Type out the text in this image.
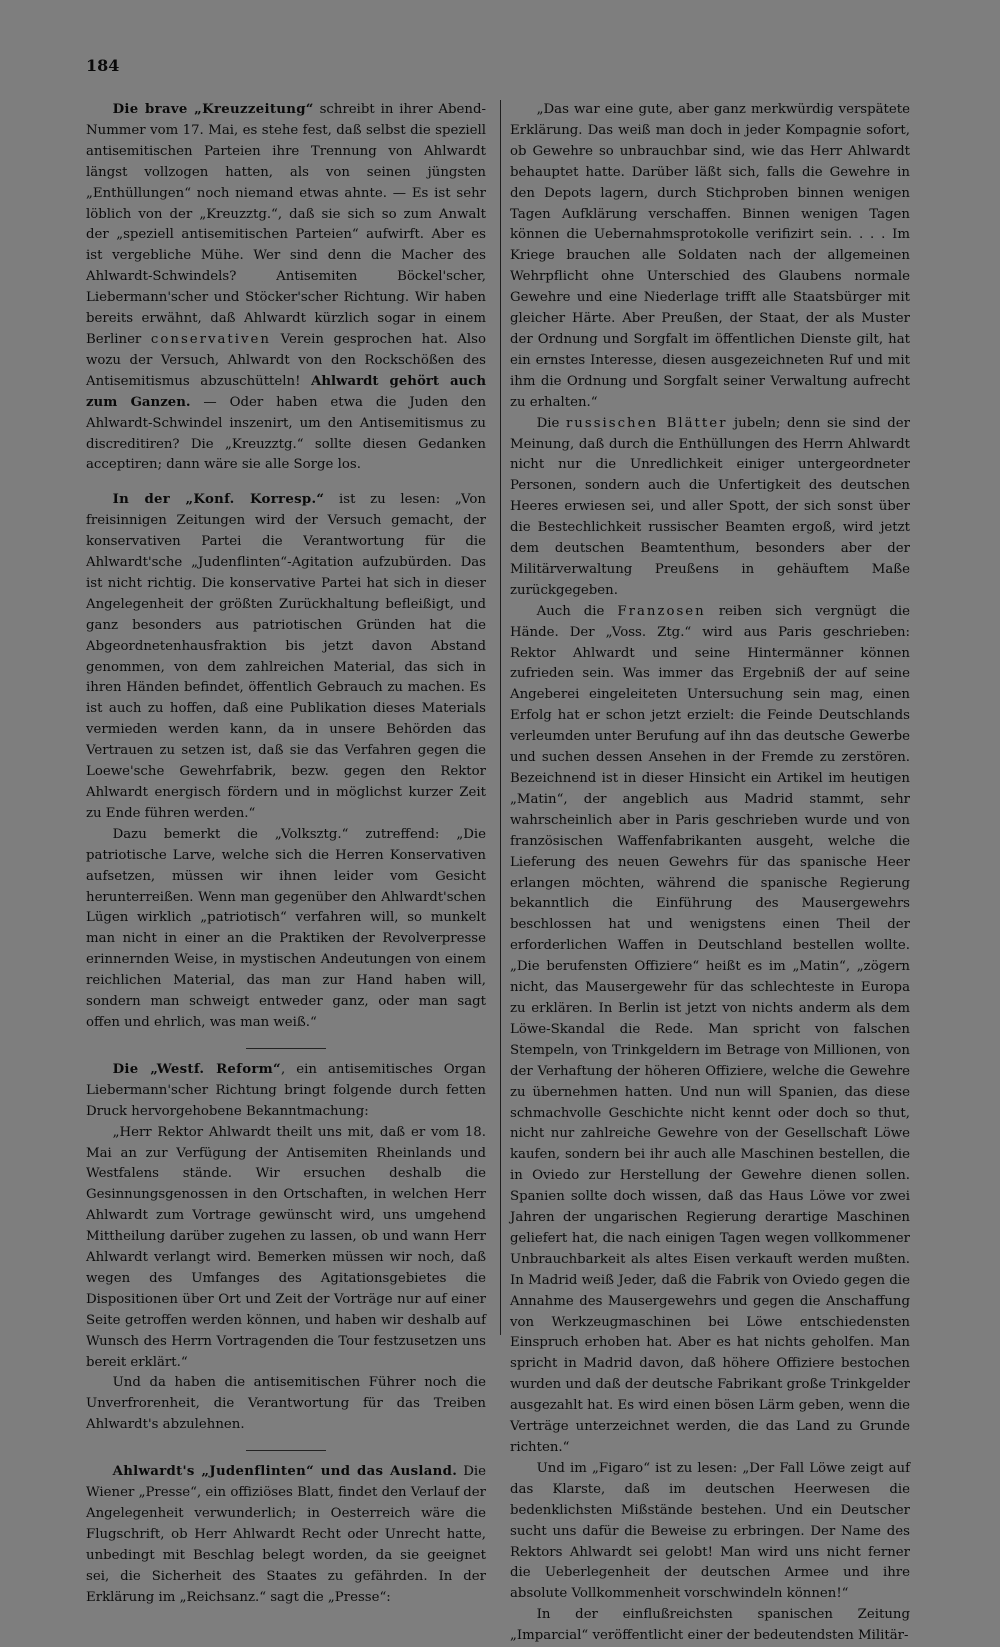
184

Die brave „Kreuzzeitung“ schreibt in ihrer Abend-Nummer vom 17. Mai, es stehe fest, daß selbst die speziell antisemitischen Parteien ihre Trennung von Ahlwardt längst vollzogen hatten, als von seinen jüngsten „Enthüllungen“ noch niemand etwas ahnte. — Es ist sehr löblich von der „Kreuzztg.“, daß sie sich so zum Anwalt der „speziell antisemitischen Parteien“ aufwirft. Aber es ist vergebliche Mühe. Wer sind denn die Macher des Ahlwardt-Schwindels? Antisemiten Böckel'scher, Liebermann'scher und Stöcker'scher Richtung. Wir haben bereits erwähnt, daß Ahlwardt kürzlich sogar in einem Berliner conservativen Verein gesprochen hat. Also wozu der Versuch, Ahlwardt von den Rockschößen des Antisemitismus abzuschütteln! Ahlwardt gehört auch zum Ganzen. — Oder haben etwa die Juden den Ahlwardt-Schwindel inszenirt, um den Antisemitismus zu discreditiren? Die „Kreuzztg.“ sollte diesen Gedanken acceptiren; dann wäre sie alle Sorge los.

In der „Konf. Korresp.“ ist zu lesen: „Von freisinnigen Zeitungen wird der Versuch gemacht, der konservativen Partei die Verantwortung für die Ahlwardt'sche „Judenflinten“-Agitation aufzubürden. Das ist nicht richtig. Die konservative Partei hat sich in dieser Angelegenheit der größten Zurückhaltung befleißigt, und ganz besonders aus patriotischen Gründen hat die Abgeordnetenhausfraktion bis jetzt davon Abstand genommen, von dem zahlreichen Material, das sich in ihren Händen befindet, öffentlich Gebrauch zu machen. Es ist auch zu hoffen, daß eine Publikation dieses Materials vermieden werden kann, da in unsere Behörden das Vertrauen zu setzen ist, daß sie das Verfahren gegen die Loewe'sche Gewehrfabrik, bezw. gegen den Rektor Ahlwardt energisch fördern und in möglichst kurzer Zeit zu Ende führen werden.“

Dazu bemerkt die „Volksztg.“ zutreffend: „Die patriotische Larve, welche sich die Herren Konservativen aufsetzen, müssen wir ihnen leider vom Gesicht herunterreißen. Wenn man gegenüber den Ahlwardt'schen Lügen wirklich „patriotisch“ verfahren will, so munkelt man nicht in einer an die Praktiken der Revolverpresse erinnernden Weise, in mystischen Andeutungen von einem reichlichen Material, das man zur Hand haben will, sondern man schweigt entweder ganz, oder man sagt offen und ehrlich, was man weiß.“

Die „Westf. Reform“, ein antisemitisches Organ Liebermann'scher Richtung bringt folgende durch fetten Druck hervorgehobene Bekanntmachung:

„Herr Rektor Ahlwardt theilt uns mit, daß er vom 18. Mai an zur Verfügung der Antisemiten Rheinlands und Westfalens stände. Wir ersuchen deshalb die Gesinnungsgenossen in den Ortschaften, in welchen Herr Ahlwardt zum Vortrage gewünscht wird, uns umgehend Mittheilung darüber zugehen zu lassen, ob und wann Herr Ahlwardt verlangt wird. Bemerken müssen wir noch, daß wegen des Umfanges des Agitationsgebietes die Dispositionen über Ort und Zeit der Vorträge nur auf einer Seite getroffen werden können, und haben wir deshalb auf Wunsch des Herrn Vortragenden die Tour festzusetzen uns bereit erklärt.“

Und da haben die antisemitischen Führer noch die Unverfrorenheit, die Verantwortung für das Treiben Ahlwardt's abzulehnen.

Ahlwardt's „Judenflinten“ und das Ausland. Die Wiener „Presse“, ein offiziöses Blatt, findet den Verlauf der Angelegenheit verwunderlich; in Oesterreich wäre die Flugschrift, ob Herr Ahlwardt Recht oder Unrecht hatte, unbedingt mit Beschlag belegt worden, da sie geeignet sei, die Sicherheit des Staates zu gefährden. In der Erklärung im „Reichsanz.“ sagt die „Presse“:

„Das war eine gute, aber ganz merkwürdig verspätete Erklärung. Das weiß man doch in jeder Kompagnie sofort, ob Gewehre so unbrauchbar sind, wie das Herr Ahlwardt behauptet hatte. Darüber läßt sich, falls die Gewehre in den Depots lagern, durch Stichproben binnen wenigen Tagen Aufklärung verschaffen. Binnen wenigen Tagen können die Uebernahmsprotokolle verifizirt sein. . . . Im Kriege brauchen alle Soldaten nach der allgemeinen Wehrpflicht ohne Unterschied des Glaubens normale Gewehre und eine Niederlage trifft alle Staatsbürger mit gleicher Härte. Aber Preußen, der Staat, der als Muster der Ordnung und Sorgfalt im öffentlichen Dienste gilt, hat ein ernstes Interesse, diesen ausgezeichneten Ruf und mit ihm die Ordnung und Sorgfalt seiner Verwaltung aufrecht zu erhalten.“

Die russischen Blätter jubeln; denn sie sind der Meinung, daß durch die Enthüllungen des Herrn Ahlwardt nicht nur die Unredlichkeit einiger untergeordneter Personen, sondern auch die Unfertigkeit des deutschen Heeres erwiesen sei, und aller Spott, der sich sonst über die Bestechlichkeit russischer Beamten ergoß, wird jetzt dem deutschen Beamtenthum, besonders aber der Militärverwaltung Preußens in gehäuftem Maße zurückgegeben.

Auch die Franzosen reiben sich vergnügt die Hände. Der „Voss. Ztg.“ wird aus Paris geschrieben: Rektor Ahlwardt und seine Hintermänner können zufrieden sein. Was immer das Ergebniß der auf seine Angeberei eingeleiteten Untersuchung sein mag, einen Erfolg hat er schon jetzt erzielt: die Feinde Deutschlands verleumden unter Berufung auf ihn das deutsche Gewerbe und suchen dessen Ansehen in der Fremde zu zerstören. Bezeichnend ist in dieser Hinsicht ein Artikel im heutigen „Matin“, der angeblich aus Madrid stammt, sehr wahrscheinlich aber in Paris geschrieben wurde und von französischen Waffenfabrikanten ausgeht, welche die Lieferung des neuen Gewehrs für das spanische Heer erlangen möchten, während die spanische Regierung bekanntlich die Einführung des Mausergewehrs beschlossen hat und wenigstens einen Theil der erforderlichen Waffen in Deutschland bestellen wollte. „Die berufensten Offiziere“ heißt es im „Matin“, „zögern nicht, das Mausergewehr für das schlechteste in Europa zu erklären. In Berlin ist jetzt von nichts anderm als dem Löwe-Skandal die Rede. Man spricht von falschen Stempeln, von Trinkgeldern im Betrage von Millionen, von der Verhaftung der höheren Offiziere, welche die Gewehre zu übernehmen hatten. Und nun will Spanien, das diese schmachvolle Geschichte nicht kennt oder doch so thut, nicht nur zahlreiche Gewehre von der Gesellschaft Löwe kaufen, sondern bei ihr auch alle Maschinen bestellen, die in Oviedo zur Herstellung der Gewehre dienen sollen. Spanien sollte doch wissen, daß das Haus Löwe vor zwei Jahren der ungarischen Regierung derartige Maschinen geliefert hat, die nach einigen Tagen wegen vollkommener Unbrauchbarkeit als altes Eisen verkauft werden mußten. In Madrid weiß Jeder, daß die Fabrik von Oviedo gegen die Annahme des Mausergewehrs und gegen die Anschaffung von Werkzeugmaschinen bei Löwe entschiedensten Einspruch erhoben hat. Aber es hat nichts geholfen. Man spricht in Madrid davon, daß höhere Offiziere bestochen wurden und daß der deutsche Fabrikant große Trinkgelder ausgezahlt hat. Es wird einen bösen Lärm geben, wenn die Verträge unterzeichnet werden, die das Land zu Grunde richten.“

Und im „Figaro“ ist zu lesen: „Der Fall Löwe zeigt auf das Klarste, daß im deutschen Heerwesen die bedenklichsten Mißstände bestehen. Und ein Deutscher sucht uns dafür die Beweise zu erbringen. Der Name des Rektors Ahlwardt sei gelobt! Man wird uns nicht ferner die Ueberlegenheit der deutschen Armee und ihre absolute Vollkommenheit vorschwindeln können!“

In der einflußreichsten spanischen Zeitung „Imparcial“ veröffentlicht einer der bedeutendsten Militär-
